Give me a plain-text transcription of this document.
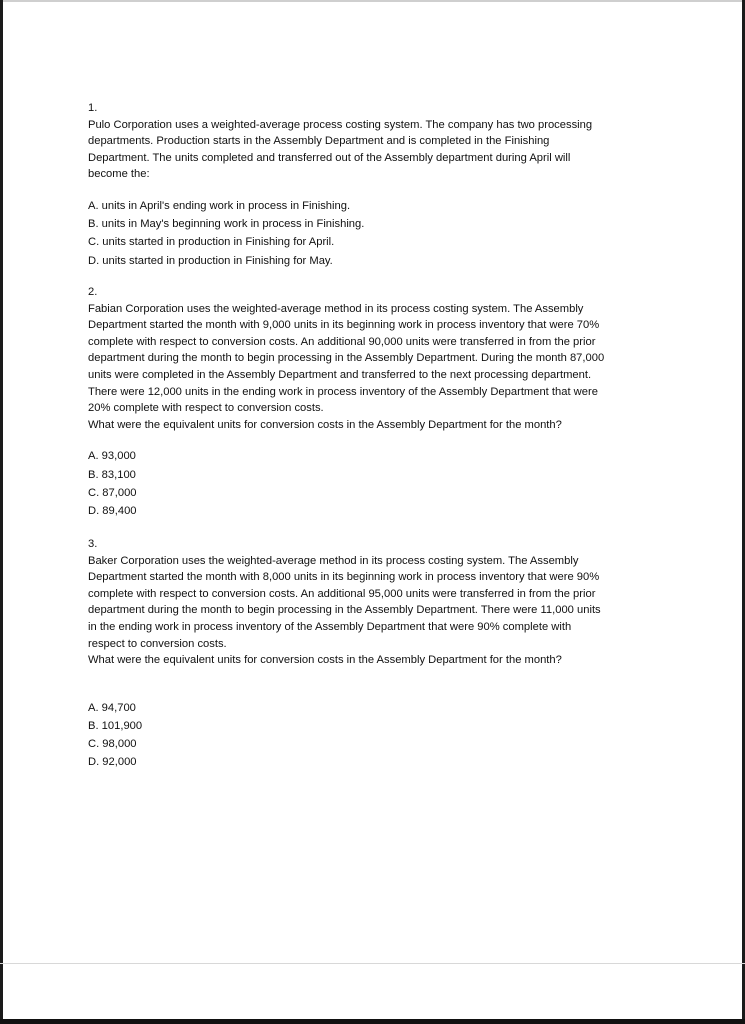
1.

Pulo Corporation uses a weighted-average process costing system. The company has two processing
departments. Production starts in the Assembly Department and is completed in the Finishing
Department. The units completed and transferred out of the Assembly department during April will
become the:

A. units in April's ending work in process in Finishing.
B. units in May's beginning work in process in Finishing.
C. units started in production in Finishing for April.
D. units started in production in Finishing for May.

2.

Fabian Corporation uses the weighted-average method in its process costing system. The Assembly
Department started the month with 9,000 units in its beginning work in process inventory that were 70%
complete with respect to conversion costs. An additional 90,000 units were transferred in from the prior
department during the month to begin processing in the Assembly Department. During the month 87,000
units were completed in the Assembly Department and transferred to the next processing department.
There were 12,000 units in the ending work in process inventory of the Assembly Department that were
20% complete with respect to conversion costs.
What were the equivalent units for conversion costs in the Assembly Department for the month?

A. 93,000
B. 83,100
C. 87,000
D. 89,400

3.

Baker Corporation uses the weighted-average method in its process costing system. The Assembly
Department started the month with 8,000 units in its beginning work in process inventory that were 90%
complete with respect to conversion costs. An additional 95,000 units were transferred in from the prior
department during the month to begin processing in the Assembly Department. There were 11,000 units
in the ending work in process inventory of the Assembly Department that were 90% complete with
respect to conversion costs.
What were the equivalent units for conversion costs in the Assembly Department for the month?

A. 94,700
B. 101,900
C. 98,000
D. 92,000
